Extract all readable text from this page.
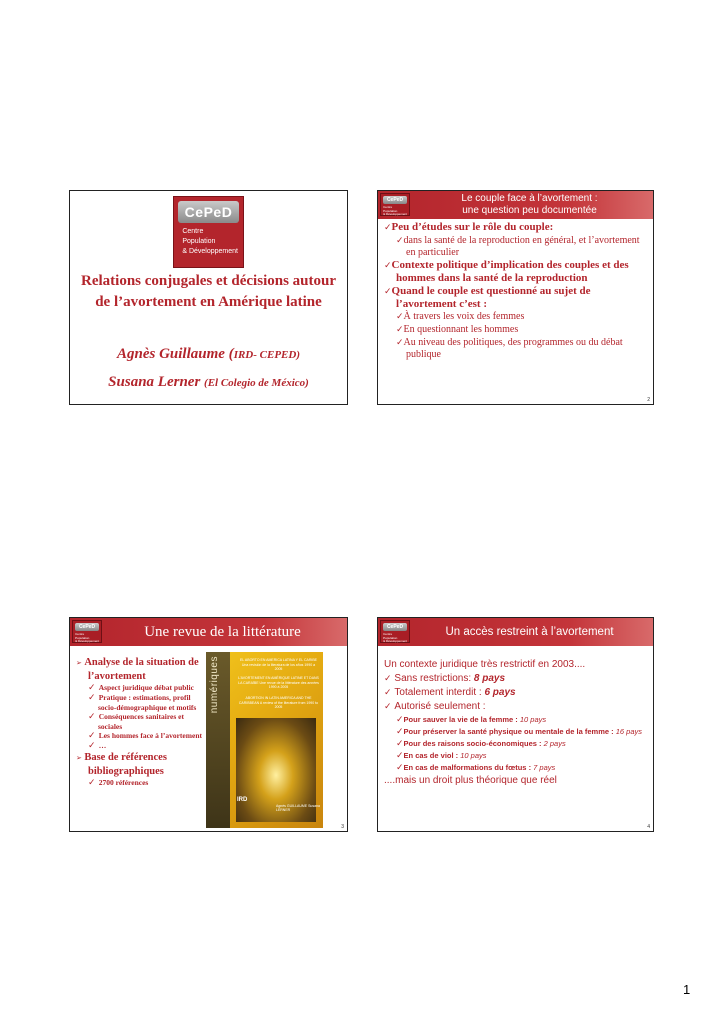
CePeD
Centre
Population
& Développement
Relations conjugales et décisions autour de l’avortement en Amérique latine
Agnès Guillaume (IRD- CEPED)
Susana Lerner (El Colegio de México)
CePeD
Centre
Population
& Développement
Le couple face à l’avortement :
une question peu documentée
✓Peu d’études sur le rôle du couple:
✓dans la santé de la reproduction en général, et l’avortement en particulier
✓Contexte politique d’implication des couples et des hommes dans la santé de la reproduction
✓Quand le couple est questionné au sujet de l’avortement c’est :
✓À travers les voix des femmes
✓En questionnant les hommes
✓Au niveau des politiques, des programmes ou du débat publique
2
CePeD
Centre
Population
& Développement
Une revue de la littérature
➢ Analyse de la situation de l’avortement
✓ Aspect juridique débat public
✓ Pratique : estimations, profil socio-démographique et motifs
✓ Conséquences sanitaires et sociales
✓ Les hommes face à l’avortement
✓ …
➢ Base de références bibliographiques
✓ 2700 références
numériques	EL ABORTO EN AMERICA LATINA Y EL CARIBE Una revisión de la literatura de los años 1990 a 2005
L’AVORTEMENT EN AMÉRIQUE LATINE ET DANS LA CARAÏBE Une revue de la littérature des années 1990 à 2005
ABORTION IN LATIN AMERICA AND THE CARIBBEAN A review of the literature from 1990 to 2005
IRD
Agnès GUILLAUME Susana LERNER
3
CePeD
Centre
Population
& Développement
Un accès restreint à l’avortement
Un contexte juridique très restrictif en 2003....
✓ Sans restrictions: 8 pays
✓ Totalement interdit : 6 pays
✓ Autorisé seulement :
✓Pour sauver la vie de la femme : 10 pays
✓Pour préserver la santé physique ou mentale de la femme : 16 pays
✓Pour des raisons socio-économiques : 2 pays
✓En cas de viol : 10 pays
✓En cas de malformations du fœtus : 7 pays
....mais un droit plus théorique que réel
4
1
